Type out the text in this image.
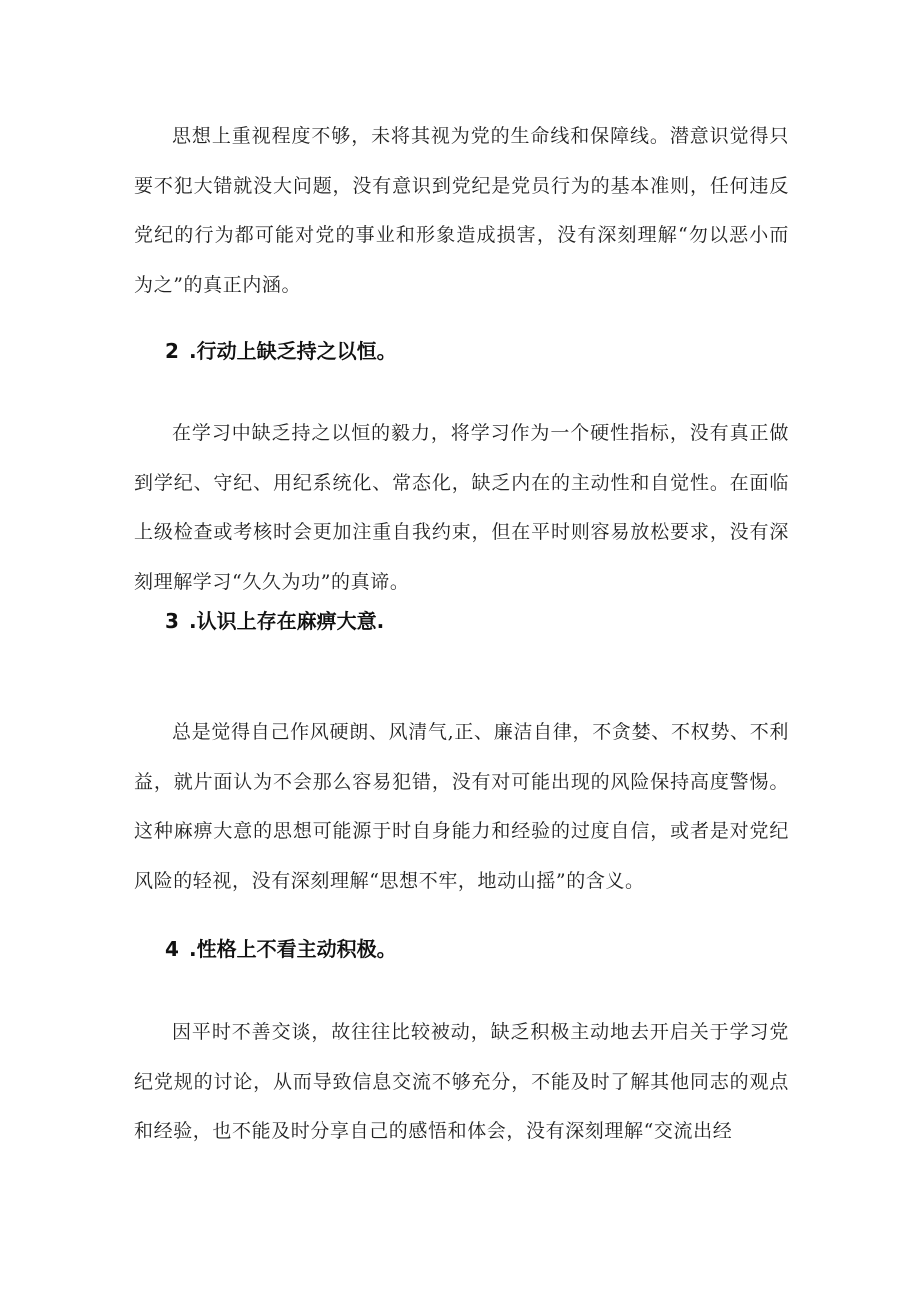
思想上重视程度不够，未将其视为党的生命线和保障线。潜意识觉得只要不犯大错就没大问题，没有意识到党纪是党员行为的基本准则，任何违反党纪的行为都可能对党的事业和形象造成损害，没有深刻理解“勿以恶小而为之”的真正内涵。

2 .行动上缺乏持之以恒。

在学习中缺乏持之以恒的毅力，将学习作为一个硬性指标，没有真正做到学纪、守纪、用纪系统化、常态化，缺乏内在的主动性和自觉性。在面临上级检查或考核时会更加注重自我约束，但在平时则容易放松要求，没有深刻理解学习“久久为功”的真谛。

3 .认识上存在麻痹大意.

总是觉得自己作风硬朗、风清气,正、廉洁自律，不贪婪、不权势、不利益，就片面认为不会那么容易犯错，没有对可能出现的风险保持高度警惕。这种麻痹大意的思想可能源于时自身能力和经验的过度自信，或者是对党纪风险的轻视，没有深刻理解“思想不牢，地动山摇”的含义。

4 .性格上不看主动积极。

因平时不善交谈，故往往比较被动，缺乏积极主动地去开启关于学习党纪党规的讨论，从而导致信息交流不够充分，不能及时了解其他同志的观点和经验，也不能及时分享自己的感悟和体会，没有深刻理解“交流出经
